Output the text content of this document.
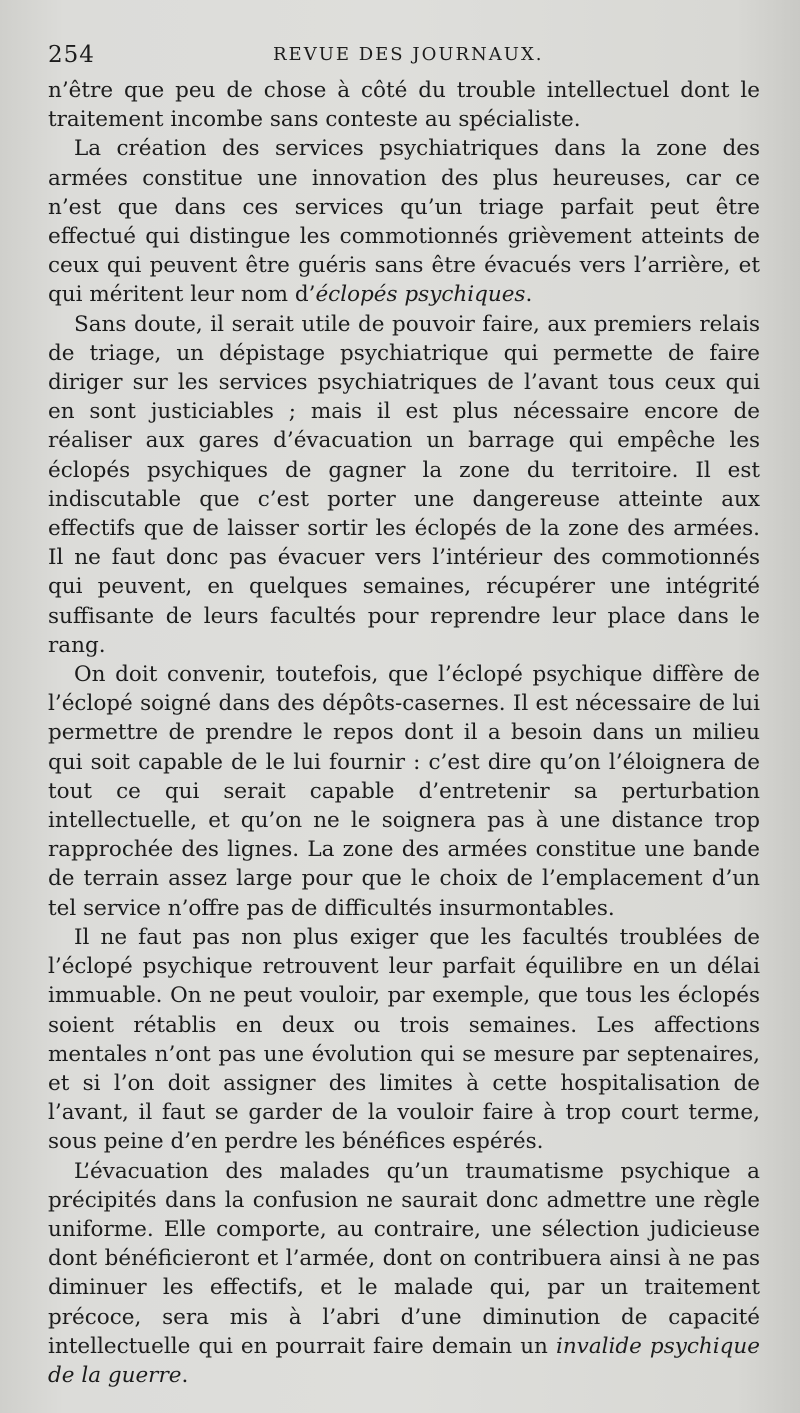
254	REVUE DES JOURNAUX.

n’être que peu de chose à côté du trouble intellectuel dont le traitement incombe sans conteste au spécialiste.

La création des services psychiatriques dans la zone des armées constitue une innovation des plus heureuses, car ce n’est que dans ces services qu’un triage parfait peut être effectué qui distingue les commotionnés grièvement atteints de ceux qui peuvent être guéris sans être évacués vers l’arrière, et qui méritent leur nom d’éclopés psychiques.

Sans doute, il serait utile de pouvoir faire, aux premiers relais de triage, un dépistage psychiatrique qui permette de faire diriger sur les services psychiatriques de l’avant tous ceux qui en sont justiciables ; mais il est plus nécessaire encore de réaliser aux gares d’évacuation un barrage qui empêche les éclopés psychiques de gagner la zone du territoire. Il est indiscutable que c’est porter une dangereuse atteinte aux effectifs que de laisser sortir les éclopés de la zone des armées. Il ne faut donc pas évacuer vers l’intérieur des commotionnés qui peuvent, en quelques semaines, récupérer une intégrité suffisante de leurs facultés pour reprendre leur place dans le rang.

On doit convenir, toutefois, que l’éclopé psychique diffère de l’éclopé soigné dans des dépôts-casernes. Il est nécessaire de lui permettre de prendre le repos dont il a besoin dans un milieu qui soit capable de le lui fournir : c’est dire qu’on l’éloignera de tout ce qui serait capable d’entretenir sa perturbation intellectuelle, et qu’on ne le soignera pas à une distance trop rapprochée des lignes. La zone des armées constitue une bande de terrain assez large pour que le choix de l’emplacement d’un tel service n’offre pas de difficultés insurmontables.

Il ne faut pas non plus exiger que les facultés troublées de l’éclopé psychique retrouvent leur parfait équilibre en un délai immuable. On ne peut vouloir, par exemple, que tous les éclopés soient rétablis en deux ou trois semaines. Les affections mentales n’ont pas une évolution qui se mesure par septenaires, et si l’on doit assigner des limites à cette hospitalisation de l’avant, il faut se garder de la vouloir faire à trop court terme, sous peine d’en perdre les bénéfices espérés.

L’évacuation des malades qu’un traumatisme psychique a précipités dans la confusion ne saurait donc admettre une règle uniforme. Elle comporte, au contraire, une sélection judicieuse dont bénéficieront et l’armée, dont on contribuera ainsi à ne pas diminuer les effectifs, et le malade qui, par un traitement précoce, sera mis à l’abri d’une diminution de capacité intellectuelle qui en pourrait faire demain un invalide psychique de la guerre.
